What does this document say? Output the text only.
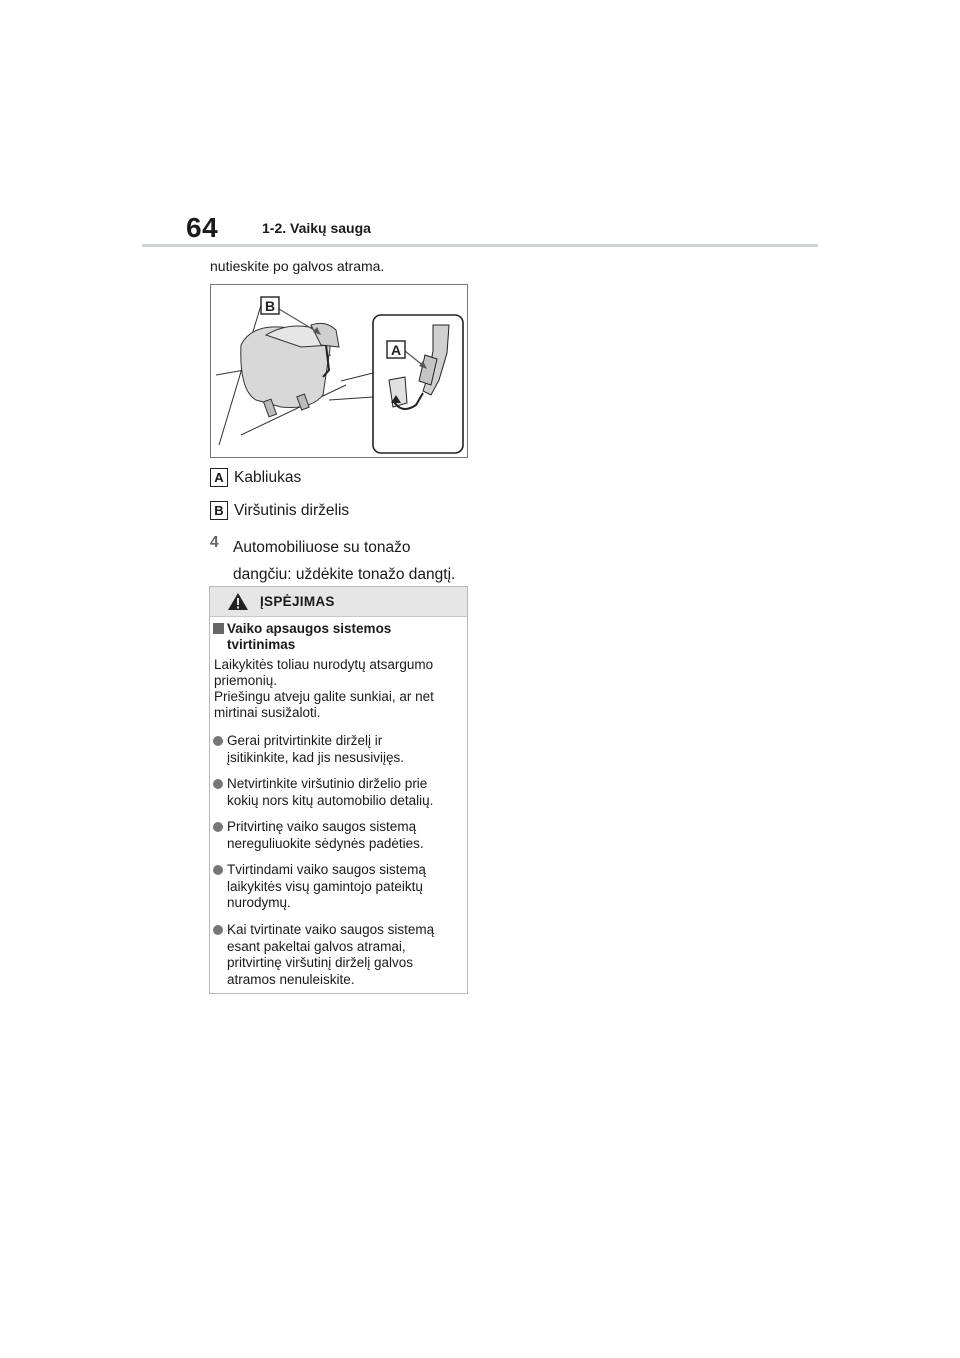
64	1-2. Vaikų sauga
nutieskite po galvos atrama.
B
A
A Kabliukas
B Viršutinis dirželis
4 Automobiliuose su tonažo
dangčiu: uždėkite tonažo dangtį.
ĮSPĖJIMAS
Vaiko apsaugos sistemos
tvirtinimas
Laikykitės toliau nurodytų atsargumo
priemonių.
Priešingu atveju galite sunkiai, ar net
mirtinai susižaloti.
Gerai pritvirtinkite dirželį ir
įsitikinkite, kad jis nesusiviįęs.
Netvirtinkite viršutinio dirželio prie
kokių nors kitų automobilio detalių.
Pritvirtinę vaiko saugos sistemą
nereguliuokite sėdynės padėties.
Tvirtindami vaiko saugos sistemą
laikykitės visų gamintojo pateiktų
nurodymų.
Kai tvirtinate vaiko saugos sistemą
esant pakeltai galvos atramai,
pritvirtinę viršutinį dirželį galvos
atramos nenuleiskite.
